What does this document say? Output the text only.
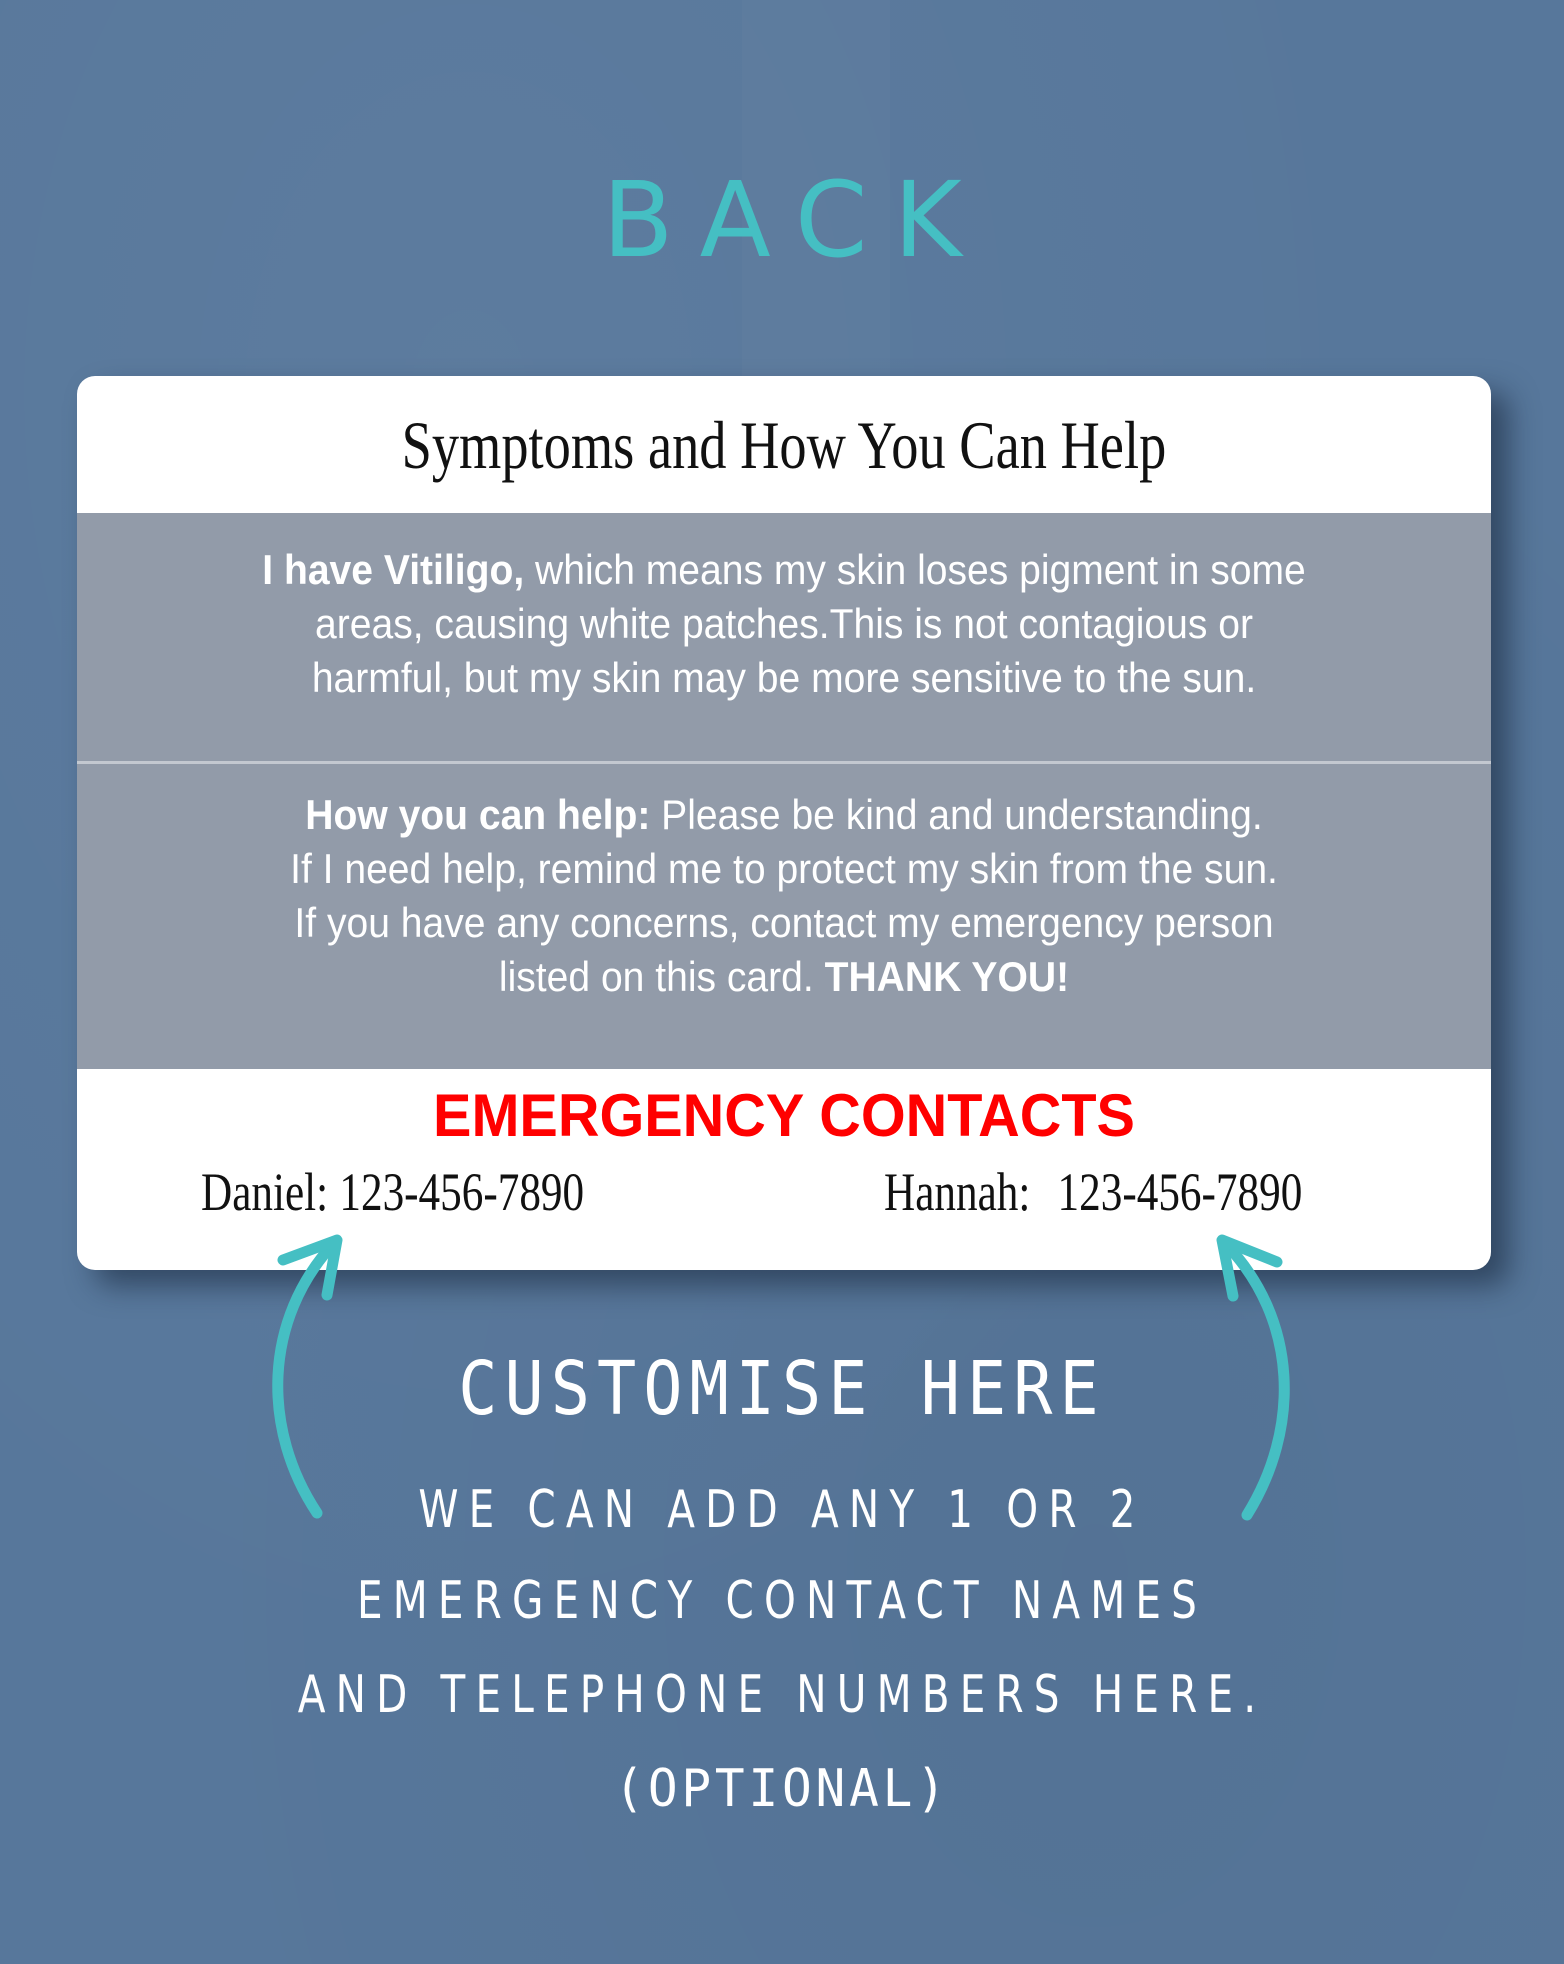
BACK
Symptoms and How You Can Help
I have Vitiligo, which means my skin loses pigment in some
areas, causing white patches.This is not contagious or
harmful, but my skin may be more sensitive to the sun.
How you can help: Please be kind and understanding.
If I need help, remind me to protect my skin from the sun.
If you have any concerns, contact my emergency person
listed on this card. THANK YOU!
EMERGENCY CONTACTS
Daniel: 123-456-7890	Hannah: 123-456-7890
CUSTOMISE HERE
WE CAN ADD ANY 1 OR 2
EMERGENCY CONTACT NAMES
AND TELEPHONE NUMBERS HERE.
(OPTIONAL)
